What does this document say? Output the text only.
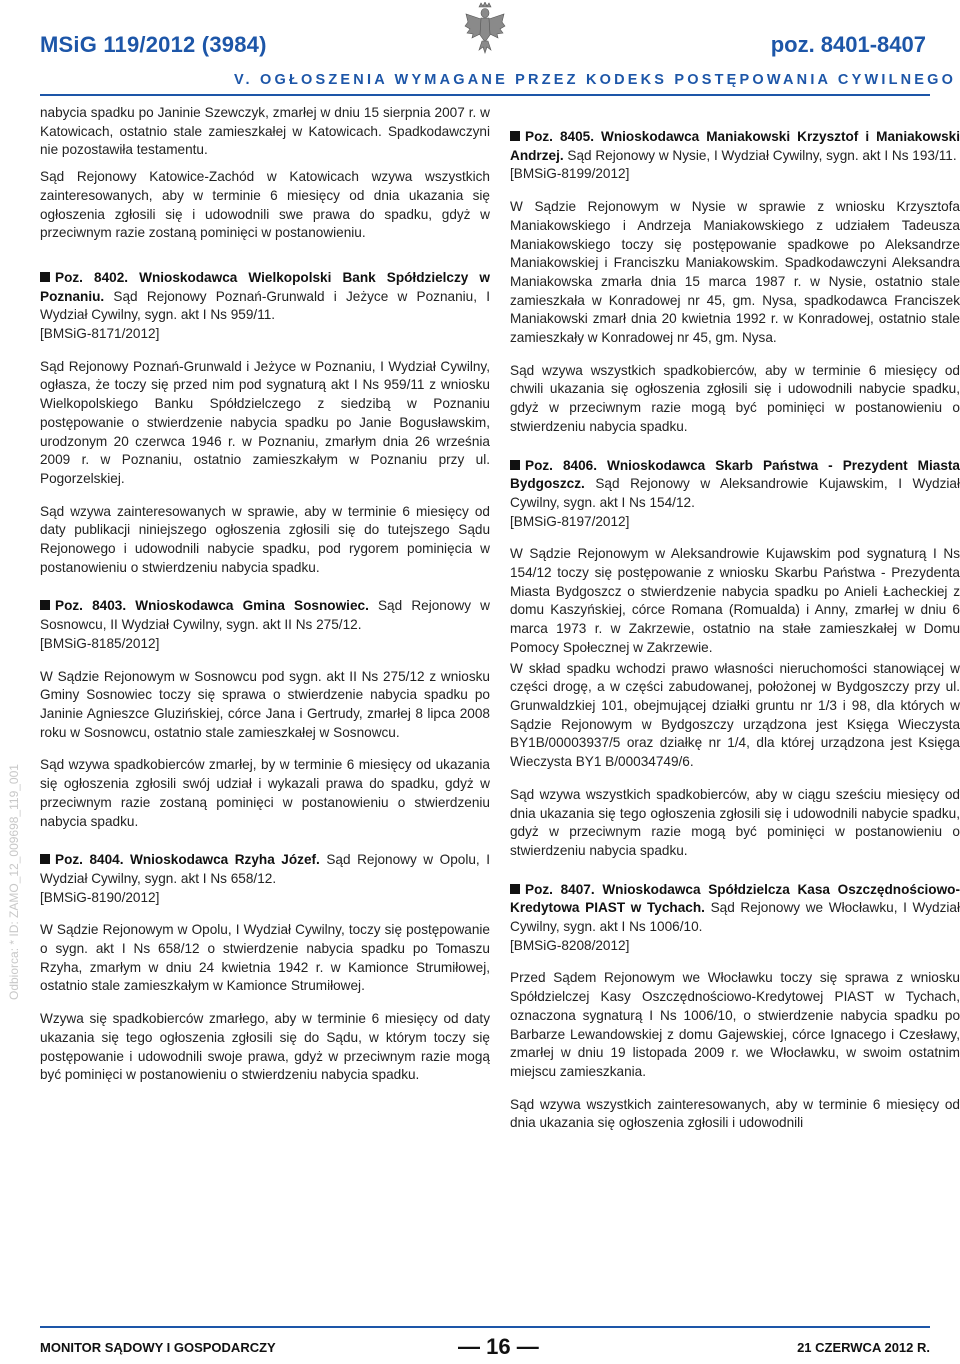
MSiG 119/2012 (3984)	poz. 8401-8407
V. OGŁOSZENIA WYMAGANE PRZEZ KODEKS POSTĘPOWANIA CYWILNEGO
Odbiorca: * ID: ZAMO_12_009698_119_001

nabycia spadku po Janinie Szewczyk, zmarłej w dniu 15 sierpnia 2007 r. w Katowicach, ostatnio stale zamieszkałej w Katowicach. Spadkodawczyni nie pozostawiła testamentu.

Sąd Rejonowy Katowice-Zachód w Katowicach wzywa wszystkich zainteresowanych, aby w terminie 6 miesięcy od dnia ukazania się ogłoszenia zgłosili się i udowodnili swe prawa do spadku, gdyż w przeciwnym razie zostaną pominięci w postanowieniu.

Poz. 8402. Wnioskodawca Wielkopolski Bank Spółdzielczy w Poznaniu. Sąd Rejonowy Poznań-Grunwald i Jeżyce w Poznaniu, I Wydział Cywilny, sygn. akt I Ns 959/11.

[BMSiG-8171/2012]

Sąd Rejonowy Poznań-Grunwald i Jeżyce w Poznaniu, I Wydział Cywilny, ogłasza, że toczy się przed nim pod sygnaturą akt I Ns 959/11 z wniosku Wielkopolskiego Banku Spółdzielczego z siedzibą w Poznaniu postępowanie o stwierdzenie nabycia spadku po Janie Bogusławskim, urodzonym 20 czerwca 1946 r. w Poznaniu, zmarłym dnia 26 września 2009 r. w Poznaniu, ostatnio zamieszkałym w Poznaniu przy ul. Pogorzelskiej.

Sąd wzywa zainteresowanych w sprawie, aby w terminie 6 miesięcy od daty publikacji niniejszego ogłoszenia zgłosili się do tutejszego Sądu Rejonowego i udowodnili nabycie spadku, pod rygorem pominięcia w postanowieniu o stwierdzeniu nabycia spadku.

Poz. 8403. Wnioskodawca Gmina Sosnowiec. Sąd Rejonowy w Sosnowcu, II Wydział Cywilny, sygn. akt II Ns 275/12.

[BMSiG-8185/2012]

W Sądzie Rejonowym w Sosnowcu pod sygn. akt II Ns 275/12 z wniosku Gminy Sosnowiec toczy się sprawa o stwierdzenie nabycia spadku po Janinie Agnieszce Gluzińskiej, córce Jana i Gertrudy, zmarłej 8 lipca 2008 roku w Sosnowcu, ostatnio stale zamieszkałej w Sosnowcu.

Sąd wzywa spadkobierców zmarłej, by w terminie 6 miesięcy od ukazania się ogłoszenia zgłosili swój udział i wykazali prawa do spadku, gdyż w przeciwnym razie zostaną pominięci w postanowieniu o stwierdzeniu nabycia spadku.

Poz. 8404. Wnioskodawca Rzyha Józef. Sąd Rejonowy w Opolu, I Wydział Cywilny, sygn. akt I Ns 658/12.

[BMSiG-8190/2012]

W Sądzie Rejonowym w Opolu, I Wydział Cywilny, toczy się postępowanie o sygn. akt I Ns 658/12 o stwierdzenie nabycia spadku po Tomaszu Rzyha, zmarłym w dniu 24 kwietnia 1942 r. w Kamionce Strumiłowej, ostatnio stale zamieszkałym w Kamionce Strumiłowej.

Wzywa się spadkobierców zmarłego, aby w terminie 6 miesięcy od daty ukazania się tego ogłoszenia zgłosili się do Sądu, w którym toczy się postępowanie i udowodnili swoje prawa, gdyż w przeciwnym razie mogą być pominięci w postanowieniu o stwierdzeniu nabycia spadku.

Poz. 8405. Wnioskodawca Maniakowski Krzysztof i Maniakowski Andrzej. Sąd Rejonowy w Nysie, I Wydział Cywilny, sygn. akt I Ns 193/11.

[BMSiG-8199/2012]

W Sądzie Rejonowym w Nysie w sprawie z wniosku Krzysztofa Maniakowskiego i Andrzeja Maniakowskiego z udziałem Tadeusza Maniakowskiego toczy się postępowanie spadkowe po Aleksandrze Maniakowskiej i Franciszku Maniakowskim. Spadkodawczyni Aleksandra Maniakowska zmarła dnia 15 marca 1987 r. w Nysie, ostatnio stale zamieszkała w Konradowej nr 45, gm. Nysa, spadkodawca Franciszek Maniakowski zmarł dnia 20 kwietnia 1992 r. w Konradowej, ostatnio stale zamieszkały w Konradowej nr 45, gm. Nysa.

Sąd wzywa wszystkich spadkobierców, aby w terminie 6 miesięcy od chwili ukazania się ogłoszenia zgłosili się i udowodnili nabycie spadku, gdyż w przeciwnym razie mogą być pominięci w postanowieniu o stwierdzeniu nabycia spadku.

Poz. 8406. Wnioskodawca Skarb Państwa - Prezydent Miasta Bydgoszcz. Sąd Rejonowy w Aleksandrowie Kujawskim, I Wydział Cywilny, sygn. akt I Ns 154/12.

[BMSiG-8197/2012]

W Sądzie Rejonowym w Aleksandrowie Kujawskim pod sygnaturą I Ns 154/12 toczy się postępowanie z wniosku Skarbu Państwa - Prezydenta Miasta Bydgoszcz o stwierdzenie nabycia spadku po Anieli Łacheckiej z domu Kaszyńskiej, córce Romana (Romualda) i Anny, zmarłej w dniu 6 marca 1973 r. w Zakrzewie, ostatnio na stałe zamieszkałej w Domu Pomocy Społecznej w Zakrzewie.

W skład spadku wchodzi prawo własności nieruchomości stanowiącej w części drogę, a w części zabudowanej, położonej w Bydgoszczy przy ul. Grunwaldzkiej 101, obejmującej działki gruntu nr 1/3 i 98, dla których w Sądzie Rejonowym w Bydgoszczy urządzona jest Księga Wieczysta BY1B/00003937/5 oraz działkę nr 1/4, dla której urządzona jest Księga Wieczysta BY1 B/00034749/6.

Sąd wzywa wszystkich spadkobierców, aby w ciągu sześciu miesięcy od dnia ukazania się tego ogłoszenia zgłosili się i udowodnili nabycie spadku, gdyż w przeciwnym razie mogą być pominięci w postanowieniu o stwierdzeniu nabycia spadku.

Poz. 8407. Wnioskodawca Spółdzielcza Kasa Oszczędnościowo-Kredytowa PIAST w Tychach. Sąd Rejonowy we Włocławku, I Wydział Cywilny, sygn. akt I Ns 1006/10.

[BMSiG-8208/2012]

Przed Sądem Rejonowym we Włocławku toczy się sprawa z wniosku Spółdzielczej Kasy Oszczędnościowo-Kredytowej PIAST w Tychach, oznaczona sygnaturą I Ns 1006/10, o stwierdzenie nabycia spadku po Barbarze Lewandowskiej z domu Gajewskiej, córce Ignacego i Czesławy, zmarłej w dniu 19 listopada 2009 r. we Włocławku, w swoim ostatnim miejscu zamieszkania.

Sąd wzywa wszystkich zainteresowanych, aby w terminie 6 miesięcy od dnia ukazania się ogłoszenia zgłosili i udowodnili

MONITOR SĄDOWY I GOSPODARCZY	— 16 —	21 CZERWCA 2012 R.
